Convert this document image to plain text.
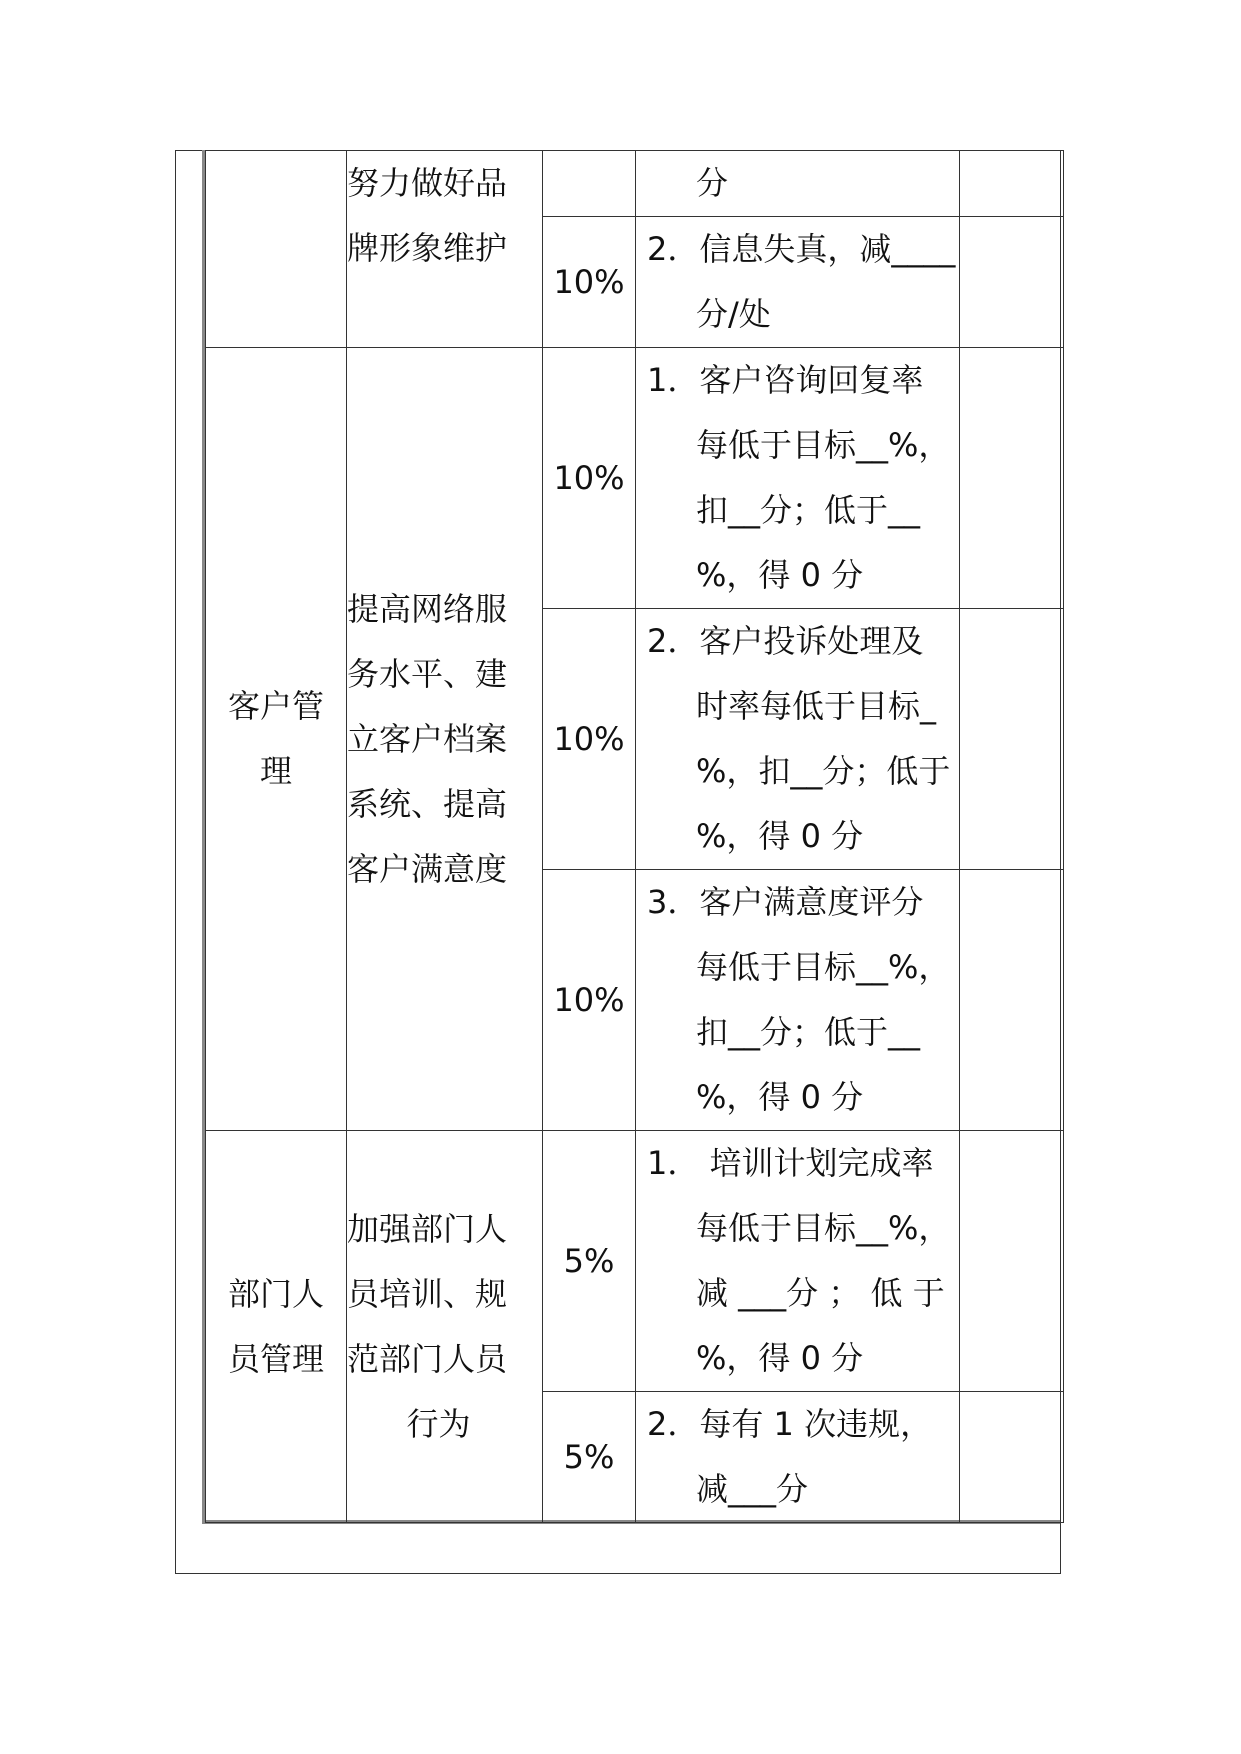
	努力做好品
牌形象维护		分	

		10%	2．信息失真，减____
分/处	

客户管
理	提高网络服
务水平、建
立客户档案
系统、提高
客户满意度	10%	1．客户咨询回复率
每低于目标__%，
扣__分；低于__
%，得 0 分	

		10%	2．客户投诉处理及
时率每低于目标_
%，扣__分；低于
%，得 0 分	

		10%	3．客户满意度评分
每低于目标__%，
扣__分；低于__
%，得 0 分	

部门人
员管理	加强部门人
员培训、规
范部门人员
行为	5%	1． 培训计划完成率
每低于目标__%，
减 ___分 ； 低 于
%，得 0 分	

		5%	2．每有 1 次违规，
减___分	
